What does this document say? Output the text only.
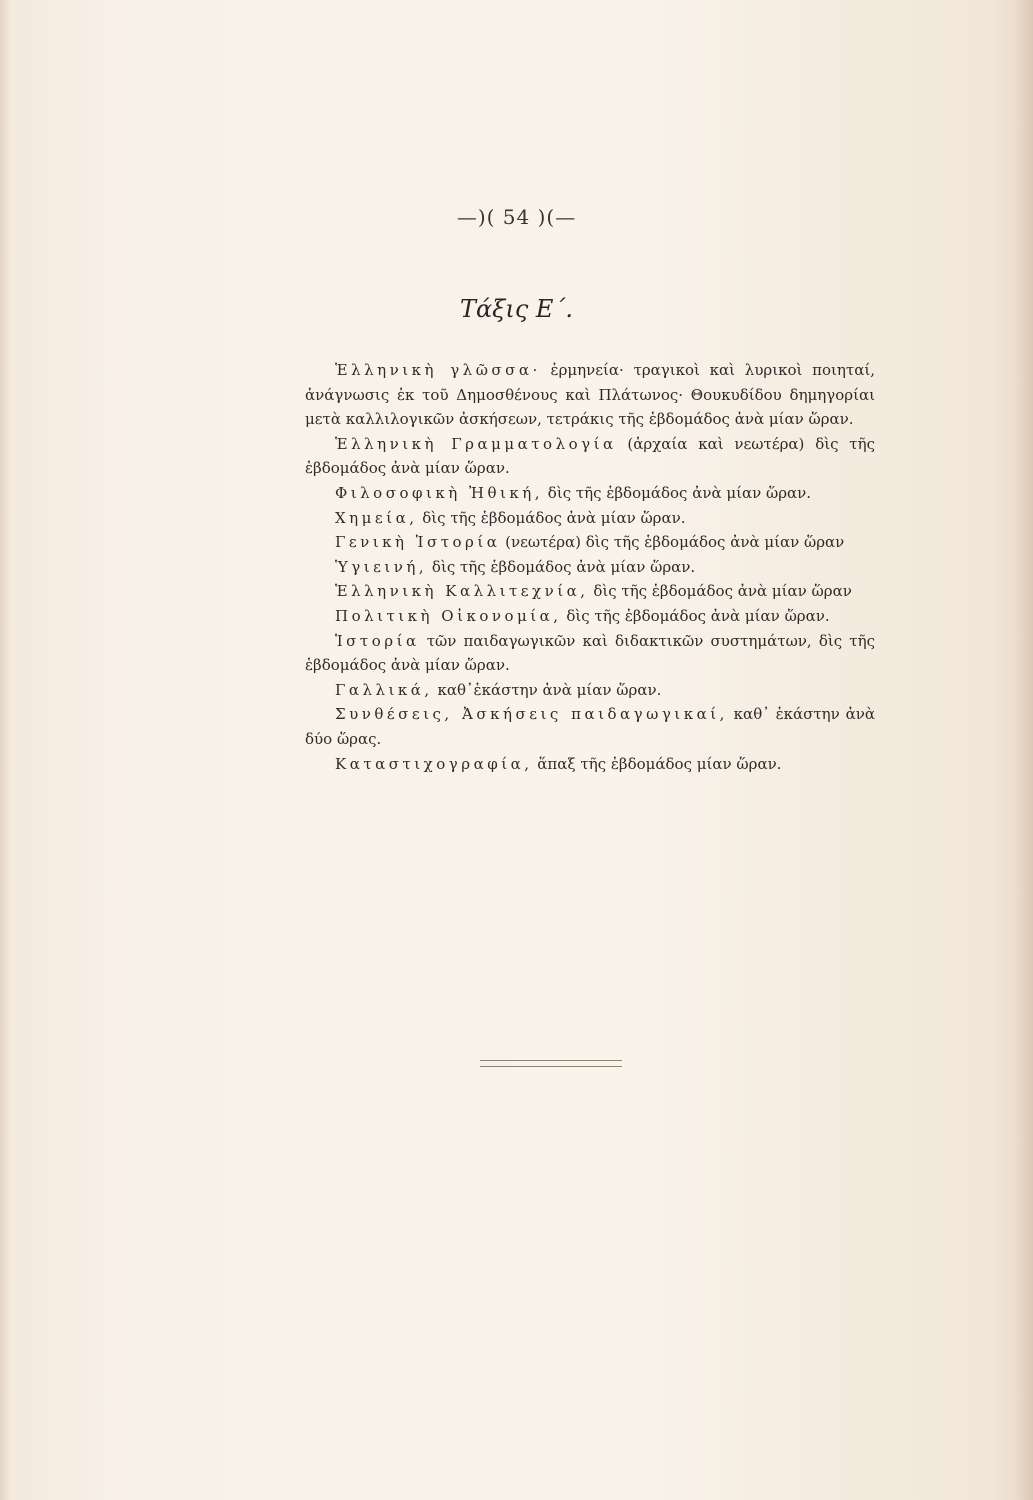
—)( 54 )(—
Τάξις Ε΄.

Ἑλληνικὴ γλῶσσα· ἑρμηνεία· τραγικοὶ καὶ λυρικοὶ ποιηταί, ἀνάγνωσις ἐκ τοῦ Δημοσθένους καὶ Πλάτωνος· Θουκυδίδου δημηγορίαι μετὰ καλλιλογικῶν ἀσκήσεων, τετράκις τῆς ἑβδομάδος ἀνὰ μίαν ὥραν.

Ἑλληνικὴ Γραμματολογία (ἀρχαία καὶ νεωτέρα) δὶς τῆς ἑβδομάδος ἀνὰ μίαν ὥραν.

Φιλοσοφικὴ Ἠθική, δὶς τῆς ἑβδομάδος ἀνὰ μίαν ὥραν.

Χημεία, δὶς τῆς ἑβδομάδος ἀνὰ μίαν ὥραν.

Γενικὴ Ἱστορία (νεωτέρα) δὶς τῆς ἑβδομάδος ἀνὰ μίαν ὥραν

Ὑγιεινή, δὶς τῆς ἑβδομάδος ἀνὰ μίαν ὥραν.

Ἑλληνικὴ Καλλιτεχνία, δὶς τῆς ἑβδομάδος ἀνὰ μίαν ὥραν

Πολιτικὴ Οἰκονομία, δὶς τῆς ἑβδομάδος ἀνὰ μίαν ὥραν.

Ἱστορία τῶν παιδαγωγικῶν καὶ διδακτικῶν συστημάτων, δὶς τῆς ἑβδομάδος ἀνὰ μίαν ὥραν.

Γαλλικά, καθ᾽ἑκάστην ἀνὰ μίαν ὥραν.

Συνθέσεις, Ἀσκήσεις παιδαγωγικαί, καθ᾽ ἑκάστην ἀνὰ δύο ὥρας.

Καταστιχογραφία, ἅπαξ τῆς ἑβδομάδος μίαν ὥραν.
